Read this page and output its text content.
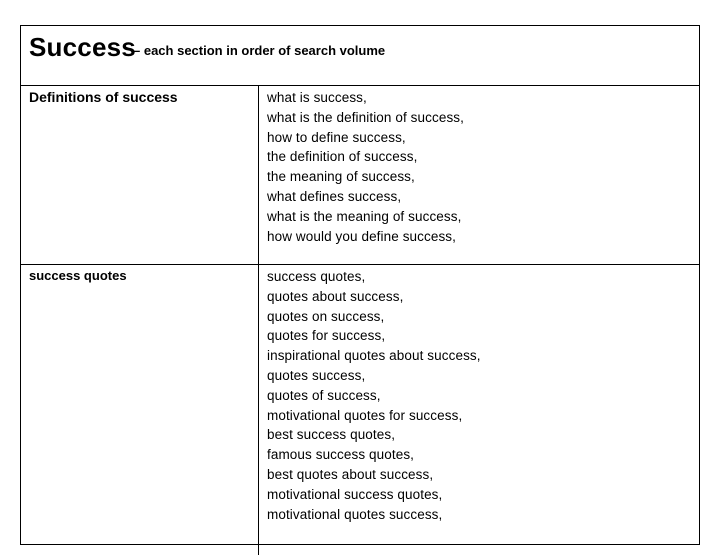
Success
– each section in order of search volume
Definitions of success	what is success,
what is the definition of success,
how to define success,
the definition of success,
the meaning of success,
what defines success,
what is the meaning of success,
how would you define success,
success quotes	success quotes,
quotes about success,
quotes on success,
quotes for success,
inspirational quotes about success,
quotes success,
quotes of success,
motivational quotes for success,
best success quotes,
famous success quotes,
best quotes about success,
motivational success quotes,
motivational quotes success,
